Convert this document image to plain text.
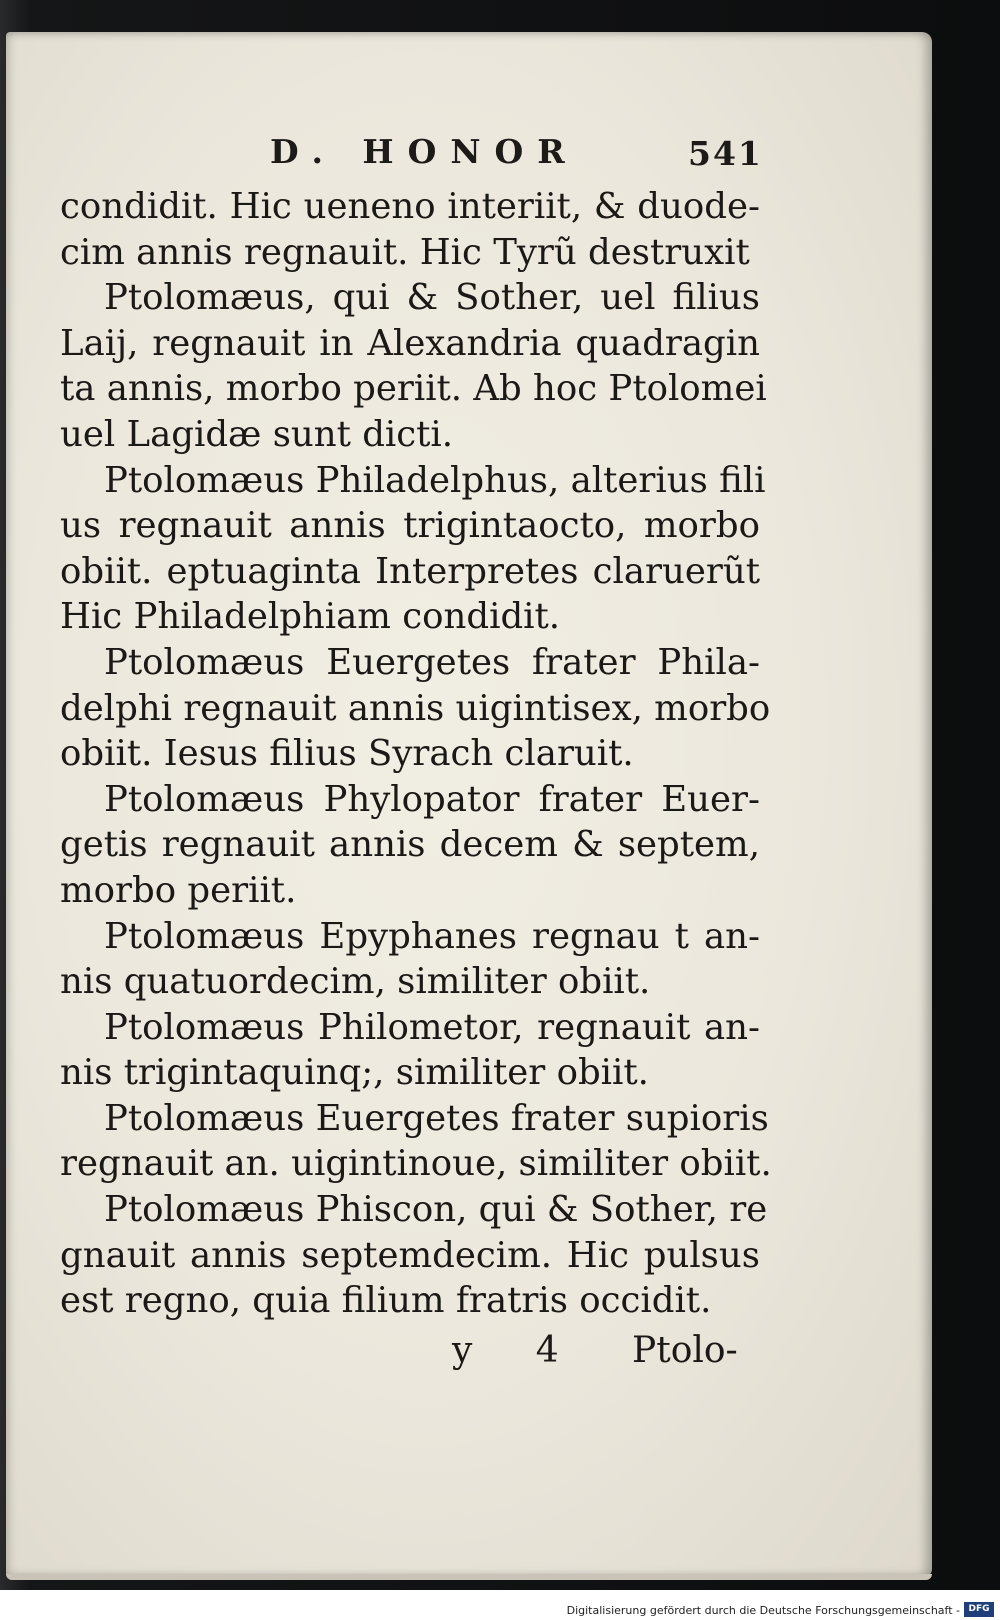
D. HONOR	541
condidit. Hic ueneno interiit, & duode-
cim annis regnauit. Hic Tyrũ destruxit
Ptolomæus, qui & Sother, uel filius
Laij, regnauit in Alexandria quadragin
ta annis, morbo periit. Ab hoc Ptolomei
uel Lagidæ sunt dicti.
Ptolomæus Philadelphus, alterius fili
us regnauit annis trigintaocto, morbo
obiit. eptuaginta Interpretes claruerũt
Hic Philadelphiam condidit.
Ptolomæus Euergetes frater Phila-
delphi regnauit annis uigintisex, morbo
obiit. Iesus filius Syrach claruit.
Ptolomæus Phylopator frater Euer-
getis regnauit annis decem & septem,
morbo periit.
Ptolomæus Epyphanes regnau t an-
nis quatuordecim, similiter obiit.
Ptolomæus Philometor, regnauit an-
nis trigintaquinq;, similiter obiit.
Ptolomæus Euergetes frater supioris
regnauit an. uigintinoue, similiter obiit.
Ptolomæus Phiscon, qui & Sother, re
gnauit annis septemdecim. Hic pulsus
est regno, quia filium fratris occidit.
y 4 Ptolo-
Digitalisierung gefördert durch die Deutsche Forschungsgemeinschaft - DFG
